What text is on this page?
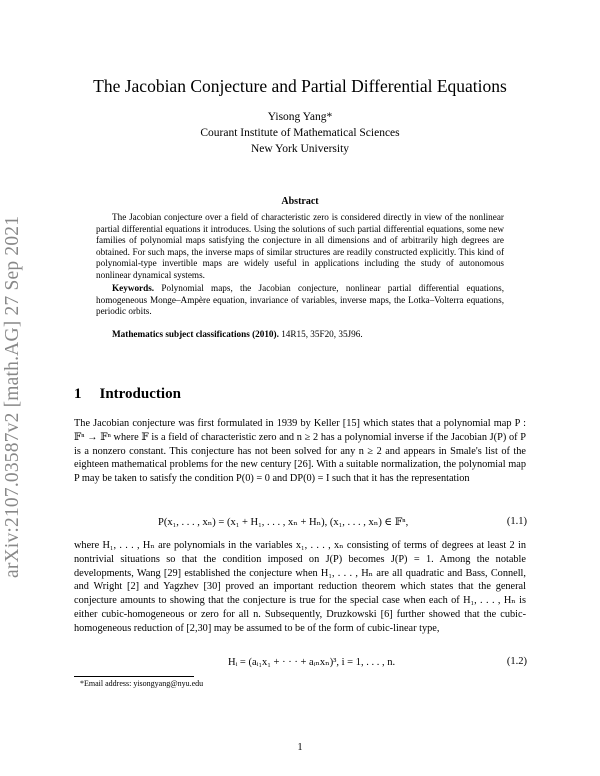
arXiv:2107.03587v2 [math.AG] 27 Sep 2021
The Jacobian Conjecture and Partial Differential Equations
Yisong Yang*
Courant Institute of Mathematical Sciences
New York University
Abstract
The Jacobian conjecture over a field of characteristic zero is considered directly in view of the nonlinear partial differential equations it introduces. Using the solutions of such partial differential equations, some new families of polynomial maps satisfying the conjecture in all dimensions and of arbitrarily high degrees are obtained. For such maps, the inverse maps of similar structures are readily constructed explicitly. This kind of polynomial-type invertible maps are widely useful in applications including the study of autonomous nonlinear dynamical systems.
Keywords. Polynomial maps, the Jacobian conjecture, nonlinear partial differential equations, homogeneous Monge–Ampère equation, invariance of variables, inverse maps, the Lotka–Volterra equations, periodic orbits.
Mathematics subject classifications (2010). 14R15, 35F20, 35J96.
1 Introduction
The Jacobian conjecture was first formulated in 1939 by Keller [15] which states that a polynomial map P : 𝔽ⁿ → 𝔽ⁿ where 𝔽 is a field of characteristic zero and n ≥ 2 has a polynomial inverse if the Jacobian J(P) of P is a nonzero constant. This conjecture has not been solved for any n ≥ 2 and appears in Smale's list of the eighteen mathematical problems for the new century [26]. With a suitable normalization, the polynomial map P may be taken to satisfy the condition P(0) = 0 and DP(0) = I such that it has the representation
P(x₁, . . . , xₙ) = (x₁ + H₁, . . . , xₙ + Hₙ), (x₁, . . . , xₙ) ∈ 𝔽ⁿ,	(1.1)
where H₁, . . . , Hₙ are polynomials in the variables x₁, . . . , xₙ consisting of terms of degrees at least 2 in nontrivial situations so that the condition imposed on J(P) becomes J(P) = 1. Among the notable developments, Wang [29] established the conjecture when H₁, . . . , Hₙ are all quadratic and Bass, Connell, and Wright [2] and Yagzhev [30] proved an important reduction theorem which states that the general conjecture amounts to showing that the conjecture is true for the special case when each of H₁, . . . , Hₙ is either cubic-homogeneous or zero for all n. Subsequently, Druzkowski [6] further showed that the cubic-homogeneous reduction of [2,30] may be assumed to be of the form of cubic-linear type,
Hᵢ = (aᵢ₁x₁ + · · · + aᵢₙxₙ)³, i = 1, . . . , n.	(1.2)
*Email address: yisongyang@nyu.edu
1
